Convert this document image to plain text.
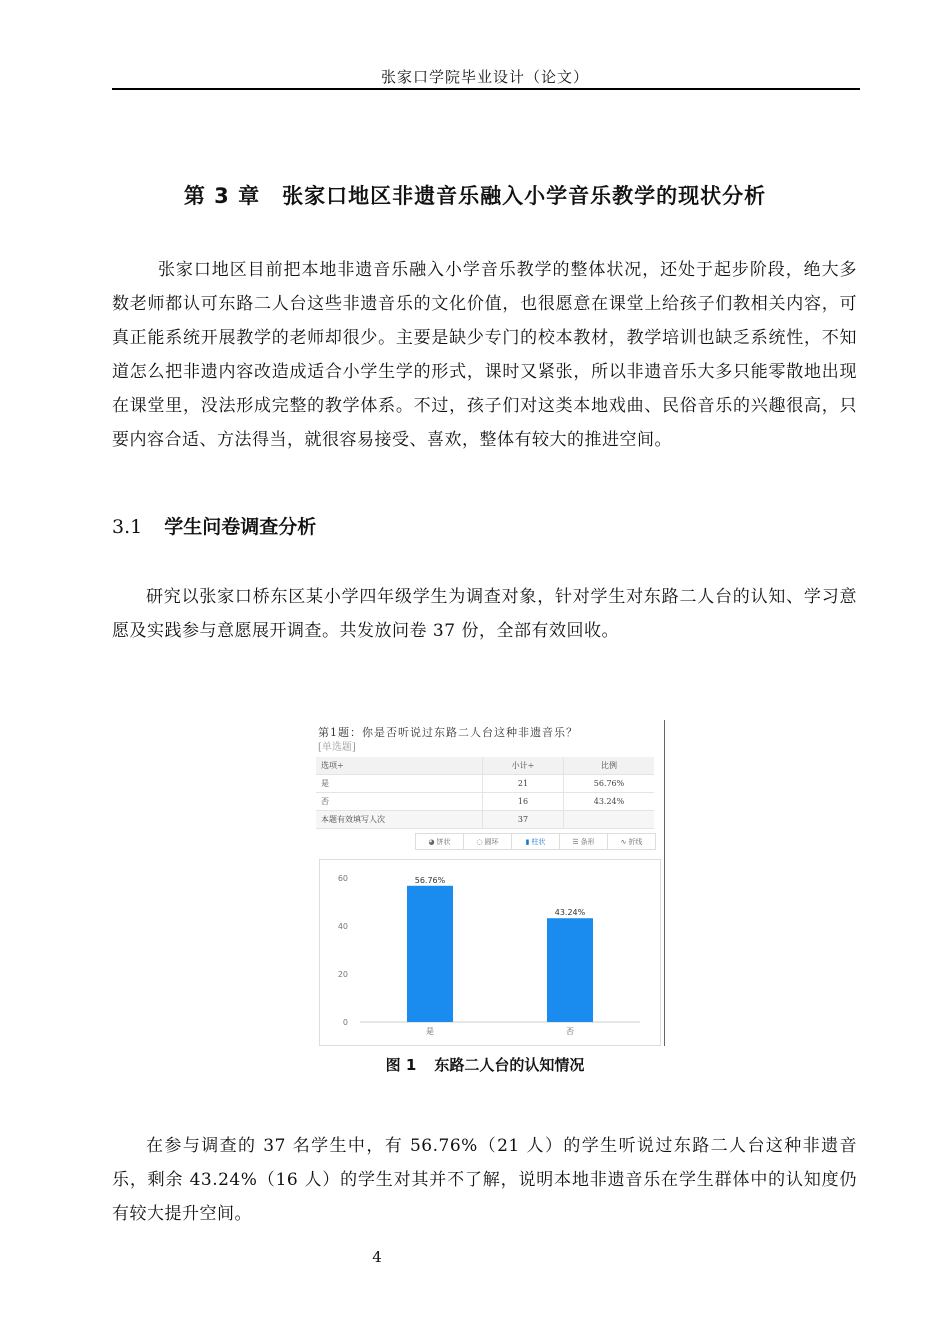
张家口学院毕业设计（论文）
第 3 章　张家口地区非遗音乐融入小学音乐教学的现状分析
张家口地区目前把本地非遗音乐融入小学音乐教学的整体状况，还处于起步阶段，绝大多数老师都认可东路二人台这些非遗音乐的文化价值，也很愿意在课堂上给孩子们教相关内容，可真正能系统开展教学的老师却很少。主要是缺少专门的校本教材，教学培训也缺乏系统性，不知道怎么把非遗内容改造成适合小学生学的形式，课时又紧张，所以非遗音乐大多只能零散地出现在课堂里，没法形成完整的教学体系。不过，孩子们对这类本地戏曲、民俗音乐的兴趣很高，只要内容合适、方法得当，就很容易接受、喜欢，整体有较大的推进空间。
3.1 学生问卷调查分析
研究以张家口桥东区某小学四年级学生为调查对象，针对学生对东路二人台的认知、学习意愿及实践参与意愿展开调查。共发放问卷 37 份，全部有效回收。
第1题：你是否听说过东路二人台这种非遗音乐？
[单选题]
选项÷	小计÷	比例
是	21	56.76%
否	16	43.24%
本题有效填写人次	37	
◕ 饼状	◌ 圆环	▮ 柱状	☰ 条形	∿ 折线
0
20
40
60	56.76%
是
43.24%
否
图 1 东路二人台的认知情况
在参与调查的 37 名学生中，有 56.76%（21 人）的学生听说过东路二人台这种非遗音乐，剩余 43.24%（16 人）的学生对其并不了解，说明本地非遗音乐在学生群体中的认知度仍有较大提升空间。
4
